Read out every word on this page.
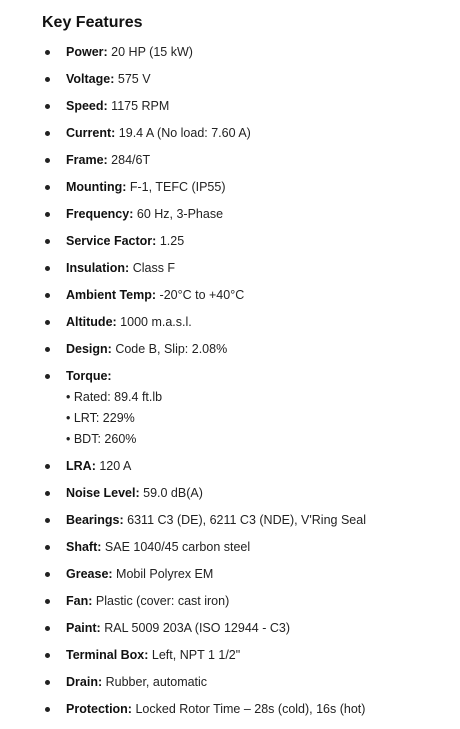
Key Features
Power: 20 HP (15 kW)
Voltage: 575 V
Speed: 1175 RPM
Current: 19.4 A (No load: 7.60 A)
Frame: 284/6T
Mounting: F-1, TEFC (IP55)
Frequency: 60 Hz, 3-Phase
Service Factor: 1.25
Insulation: Class F
Ambient Temp: -20°C to +40°C
Altitude: 1000 m.a.s.l.
Design: Code B, Slip: 2.08%
Torque:
• Rated: 89.4 ft.lb
• LRT: 229%
• BDT: 260%
LRA: 120 A
Noise Level: 59.0 dB(A)
Bearings: 6311 C3 (DE), 6211 C3 (NDE), V'Ring Seal
Shaft: SAE 1040/45 carbon steel
Grease: Mobil Polyrex EM
Fan: Plastic (cover: cast iron)
Paint: RAL 5009 203A (ISO 12944 - C3)
Terminal Box: Left, NPT 1 1/2"
Drain: Rubber, automatic
Protection: Locked Rotor Time – 28s (cold), 16s (hot)
